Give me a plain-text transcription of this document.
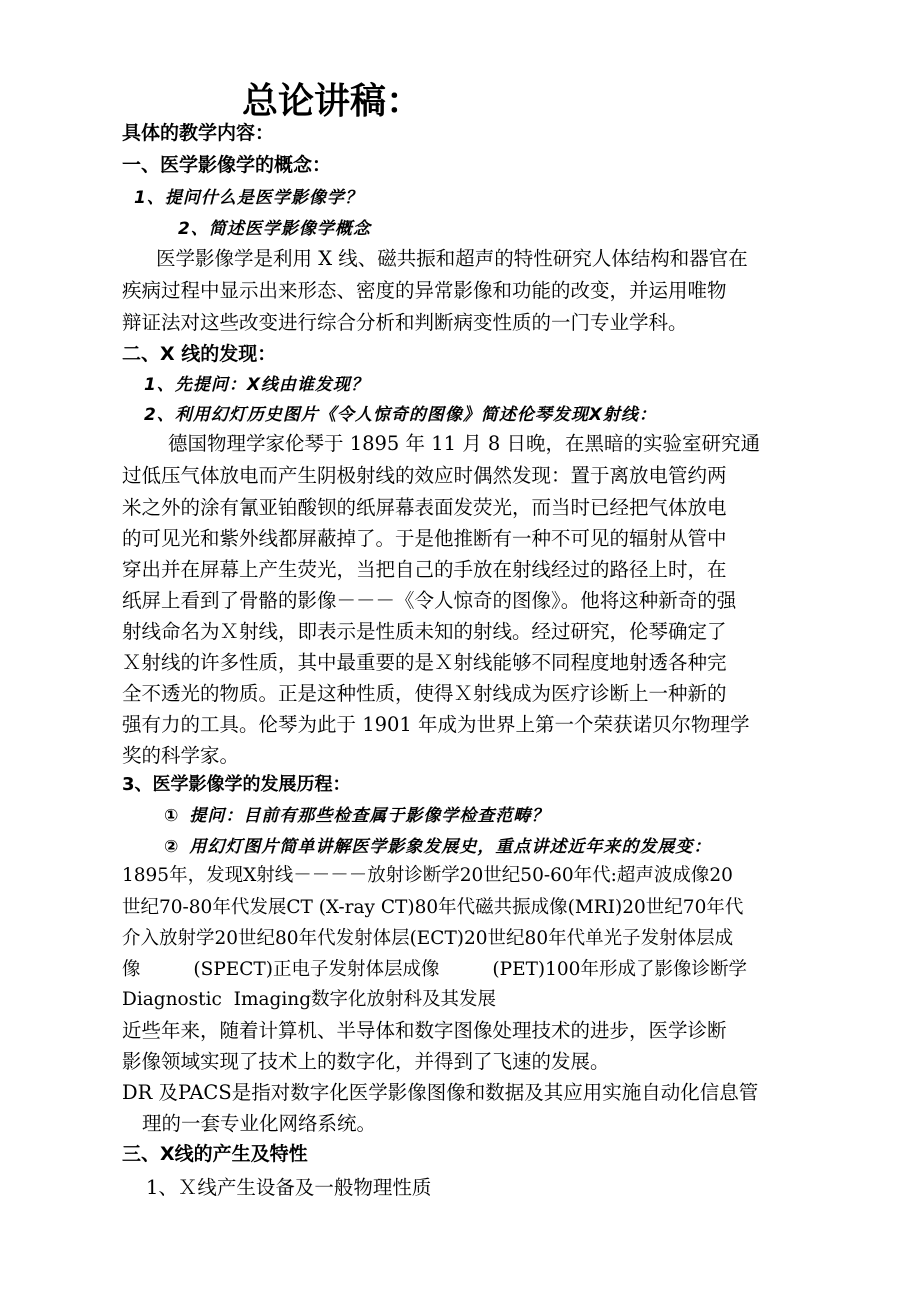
总论讲稿：
具体的教学内容：
一、医学影像学的概念：
1、提问什么是医学影像学？
2、简述医学影像学概念
医学影像学是利用 X 线、磁共振和超声的特性研究人体结构和器官在
疾病过程中显示出来形态、密度的异常影像和功能的改变，并运用唯物
辩证法对这些改变进行综合分析和判断病变性质的一门专业学科。
二、X 线的发现：
1、先提问：X线由谁发现？
2、利用幻灯历史图片《令人惊奇的图像》简述伦琴发现X射线：
德国物理学家伦琴于 1895 年 11 月 8 日晚，在黑暗的实验室研究通
过低压气体放电而产生阴极射线的效应时偶然发现：置于离放电管约两
米之外的涂有氰亚铂酸钡的纸屏幕表面发荧光，而当时已经把气体放电
的可见光和紫外线都屏蔽掉了。于是他推断有一种不可见的辐射从管中
穿出并在屏幕上产生荧光，当把自己的手放在射线经过的路径上时，在
纸屏上看到了骨骼的影像－－－《令人惊奇的图像》。他将这种新奇的强
射线命名为Ｘ射线，即表示是性质未知的射线。经过研究，伦琴确定了
Ｘ射线的许多性质，其中最重要的是Ｘ射线能够不同程度地射透各种完
全不透光的物质。正是这种性质，使得Ｘ射线成为医疗诊断上一种新的
强有力的工具。伦琴为此于 1901 年成为世界上第一个荣获诺贝尔物理学
奖的科学家。
3、医学影像学的发展历程：
① 提问：目前有那些检查属于影像学检查范畴？
② 用幻灯图片简单讲解医学影象发展史，重点讲述近年来的发展变：
1895年，发现X射线－－－－放射诊断学20世纪50-60年代:超声波成像20
世纪70-80年代发展CT (X-ray CT)80年代磁共振成像(MRI)20世纪70年代
介入放射学20世纪80年代发射体层(ECT)20世纪80年代单光子发射体层成
像         (SPECT)正电子发射体层成像         (PET)100年形成了影像诊断学
Diagnostic  Imaging数字化放射科及其发展
近些年来，随着计算机、半导体和数字图像处理技术的进步，医学诊断
影像领域实现了技术上的数字化，并得到了飞速的发展。
DR 及PACS是指对数字化医学影像图像和数据及其应用实施自动化信息管
理的一套专业化网络系统。
三、X线的产生及特性
1、Ｘ线产生设备及一般物理性质
